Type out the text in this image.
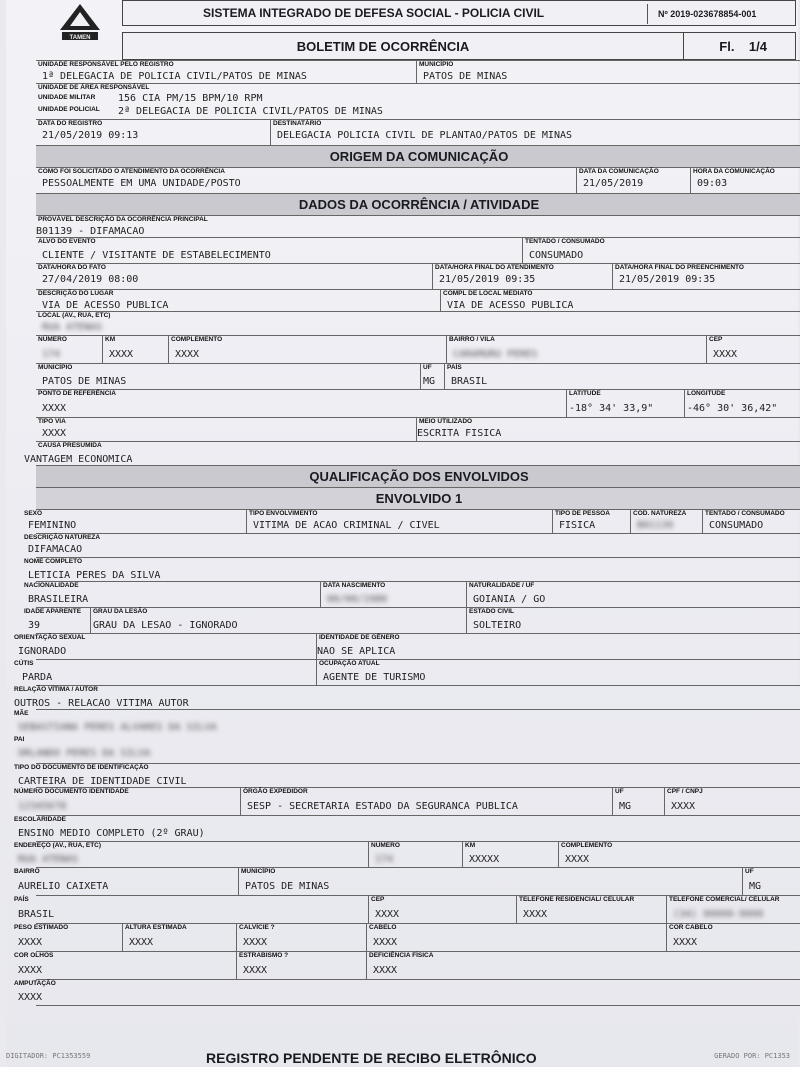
TAMEN
SISTEMA INTEGRADO DE DEFESA SOCIAL - POLICIA CIVIL	Nº 2019-023678854-001
BOLETIM DE OCORRÊNCIA	Fl. 1/4
UNIDADE RESPONSÁVEL PELO REGISTRO
1ª DELEGACIA DE POLICIA CIVIL/PATOS DE MINAS
MUNICÍPIO
PATOS DE MINAS
UNIDADE DE ÁREA RESPONSÁVEL
UNIDADE MILITAR 156 CIA PM/15 BPM/10 RPM
UNIDADE POLICIAL 2ª DELEGACIA DE POLICIA CIVIL/PATOS DE MINAS
DATA DO REGISTRO
21/05/2019 09:13
DESTINATÁRIO
DELEGACIA POLICIA CIVIL DE PLANTAO/PATOS DE MINAS
ORIGEM DA COMUNICAÇÃO
COMO FOI SOLICITADO O ATENDIMENTO DA OCORRÊNCIA
PESSOALMENTE EM UMA UNIDADE/POSTO
DATA DA COMUNICAÇÃO
21/05/2019
HORA DA COMUNICAÇÃO
09:03
DADOS DA OCORRÊNCIA / ATIVIDADE
PROVÁVEL DESCRIÇÃO DA OCORRÊNCIA PRINCIPAL
B01139 - DIFAMACAO
ALVO DO EVENTO
CLIENTE / VISITANTE DE ESTABELECIMENTO
TENTADO / CONSUMADO
CONSUMADO
DATA/HORA DO FATO
27/04/2019 08:00
DATA/HORA FINAL DO ATENDIMENTO
21/05/2019 09:35
DATA/HORA FINAL DO PREENCHIMENTO
21/05/2019 09:35
DESCRIÇÃO DO LUGAR
VIA DE ACESSO PUBLICA
COMPL DE LOCAL MEDIATO
VIA DE ACESSO PUBLICA
LOCAL (AV., RUA, ETC)
RUA ATENAS
NÚMERO
174
KM
XXXX
COMPLEMENTO
XXXX
BAIRRO / VILA
CARAMURU PERES
CEP
XXXX
MUNICÍPIO
PATOS DE MINAS
UF
MG
PAÍS
BRASIL
PONTO DE REFERÊNCIA
XXXX
LATITUDE
-18° 34' 33,9"
LONGITUDE
-46° 30' 36,42"
TIPO VIA
XXXX
MEIO UTILIZADO
ESCRITA FISICA
CAUSA PRESUMIDA
VANTAGEM ECONOMICA
QUALIFICAÇÃO DOS ENVOLVIDOS
ENVOLVIDO 1
SEXO
FEMININO
TIPO ENVOLVIMENTO
VITIMA DE ACAO CRIMINAL / CIVEL
TIPO DE PESSOA
FISICA
COD. NATUREZA
B01139
TENTADO / CONSUMADO
CONSUMADO
DESCRIÇÃO NATUREZA
DIFAMACAO
NOME COMPLETO
LETICIA PERES DA SILVA
NACIONALIDADE
BRASILEIRA
DATA NASCIMENTO
00/00/1980
NATURALIDADE / UF
GOIANIA / GO
IDADE APARENTE
39
GRAU DA LESÃO
GRAU DA LESAO - IGNORADO
ESTADO CIVIL
SOLTEIRO
ORIENTAÇÃO SEXUAL
IGNORADO
IDENTIDADE DE GÊNERO
NAO SE APLICA
CÚTIS
PARDA
OCUPAÇÃO ATUAL
AGENTE DE TURISMO
RELAÇÃO VÍTIMA / AUTOR
OUTROS - RELACAO VITIMA AUTOR
MÃE
SEBASTIANA PERES ALVARES DA SILVA
PAI
ORLANDO PERES DA SILVA
TIPO DO DOCUMENTO DE IDENTIFICAÇÃO
CARTEIRA DE IDENTIDADE CIVIL
NÚMERO DOCUMENTO IDENTIDADE
12345678
ÓRGÃO EXPEDIDOR
SESP - SECRETARIA ESTADO DA SEGURANCA PUBLICA
UF
MG
CPF / CNPJ
XXXX
ESCOLARIDADE
ENSINO MEDIO COMPLETO (2º GRAU)
ENDEREÇO (AV., RUA, ETC)
RUA ATENAS
NÚMERO
174
KM
XXXXX
COMPLEMENTO
XXXX
BAIRRO
AURELIO CAIXETA
MUNICÍPIO
PATOS DE MINAS
UF
MG
PAÍS
BRASIL
CEP
XXXX
TELEFONE RESIDENCIAL/ CELULAR
XXXX
TELEFONE COMERCIAL/ CELULAR
(34) 99999-9999
PESO ESTIMADO
XXXX
ALTURA ESTIMADA
XXXX
CALVÍCIE ?
XXXX
CABELO
XXXX
COR CABELO
XXXX
COR OLHOS
XXXX
ESTRABISMO ?
XXXX
DEFICIÊNCIA FÍSICA
XXXX
AMPUTAÇÃO
XXXX
DIGITADOR: PC1353559	REGISTRO PENDENTE DE RECIBO ELETRÔNICO	GERADO POR: PC1353
